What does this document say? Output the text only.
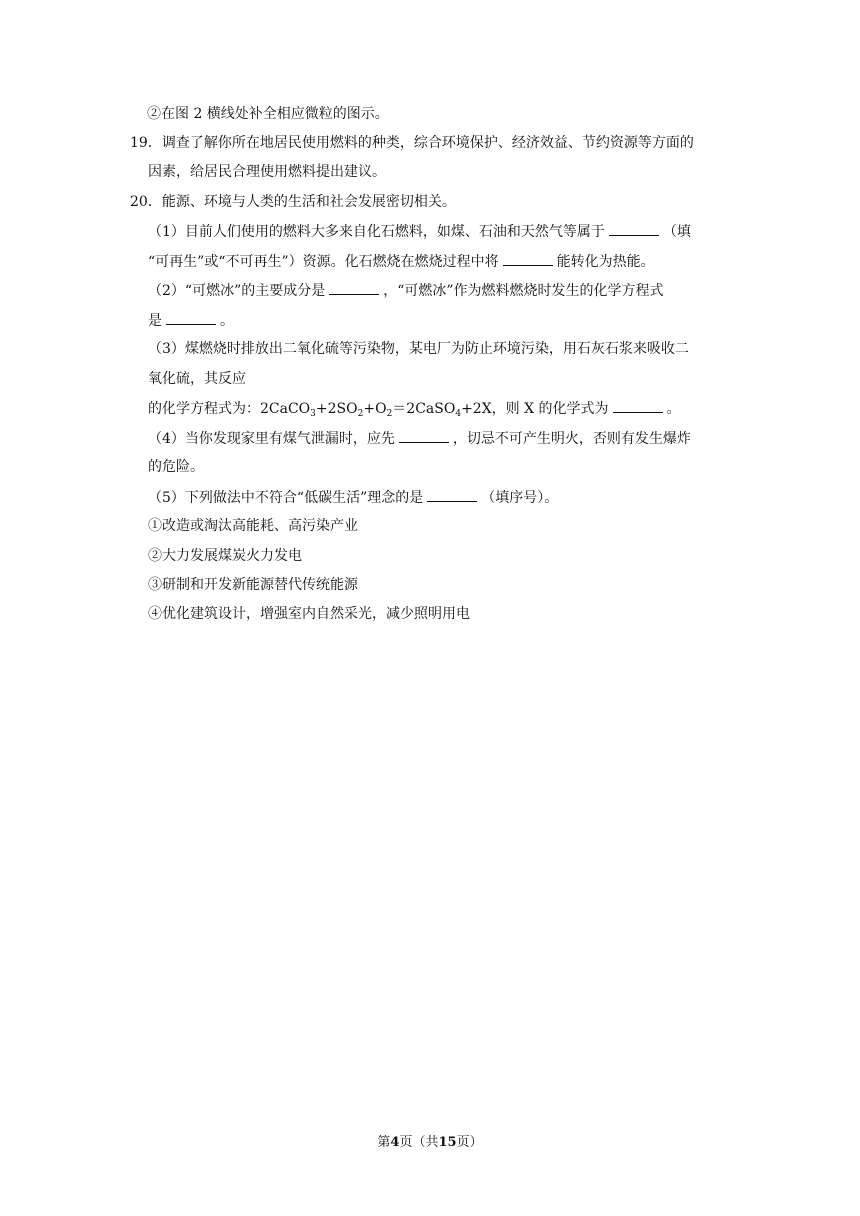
②在图 2 横线处补全相应微粒的图示。
19．调查了解你所在地居民使用燃料的种类，综合环境保护、经济效益、节约资源等方面的
因素，给居民合理使用燃料提出建议。
20．能源、环境与人类的生活和社会发展密切相关。
（1）目前人们使用的燃料大多来自化石燃料，如煤、石油和天然气等属于	（填
“可再生”或“不可再生”）资源。化石燃烧在燃烧过程中将	能转化为热能。
（2）“可燃冰”的主要成分是	，“可燃冰”作为燃料燃烧时发生的化学方程式
是	。
（3）煤燃烧时排放出二氧化硫等污染物，某电厂为防止环境污染，用石灰石浆来吸收二
氧化硫，其反应
的化学方程式为：$2CaCO_3+2SO_2+O_2=2CaSO_4+2X$，则 X 的化学式为	。
（4）当你发现家里有煤气泄漏时，应先	，切忌不可产生明火，否则有发生爆炸
的危险。
（5）下列做法中不符合“低碳生活”理念的是	（填序号）。
①改造或淘汰高能耗、高污染产业
②大力发展煤炭火力发电
③研制和开发新能源替代传统能源
④优化建筑设计，增强室内自然采光，减少照明用电
第4页（共15页）
